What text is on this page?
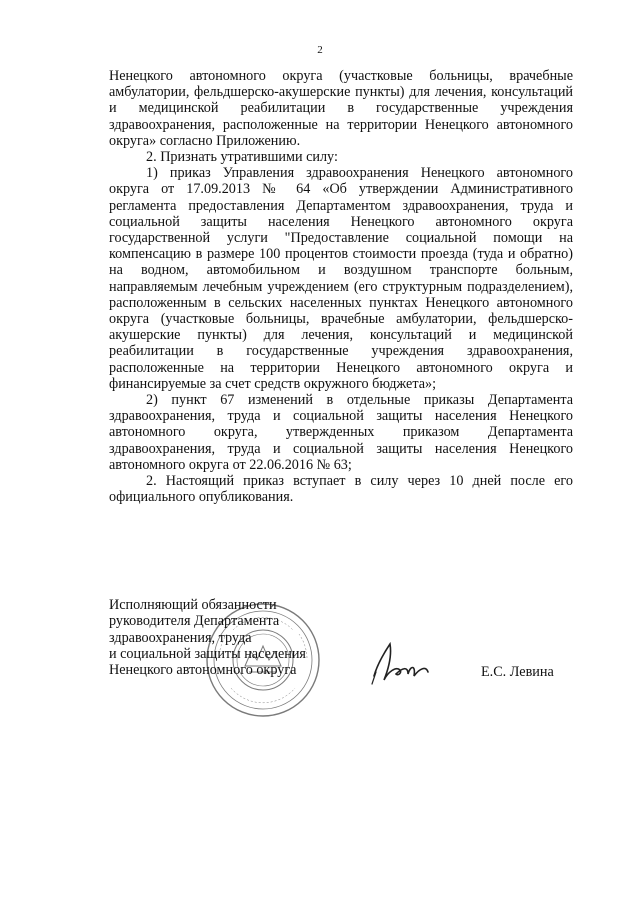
2

Ненецкого автономного округа (участковые больницы, врачебные амбулатории, фельдшерско-акушерские пункты) для лечения, консультаций и медицинской реабилитации в государственные учреждения здравоохранения, расположенные на территории Ненецкого автономного округа» согласно Приложению.

2. Признать утратившими силу:

1) приказ Управления здравоохранения Ненецкого автономного округа от 17.09.2013 № 64 «Об утверждении Административного регламента предоставления Департаментом здравоохранения, труда и социальной защиты населения Ненецкого автономного округа государственной услуги "Предоставление социальной помощи на компенсацию в размере 100 процентов стоимости проезда (туда и обратно) на водном, автомобильном и воздушном транспорте больным, направляемым лечебным учреждением (его структурным подразделением), расположенным в сельских населенных пунктах Ненецкого автономного округа (участковые больницы, врачебные амбулатории, фельдшерско-акушерские пункты) для лечения, консультаций и медицинской реабилитации в государственные учреждения здравоохранения, расположенные на территории Ненецкого автономного округа и финансируемые за счет средств окружного бюджета»;

2) пункт 67 изменений в отдельные приказы Департамента здравоохранения, труда и социальной защиты населения Ненецкого автономного округа, утвержденных приказом Департамента здравоохранения, труда и социальной защиты населения Ненецкого автономного округа от 22.06.2016 № 63;

2. Настоящий приказ вступает в силу через 10 дней после его официального опубликования.

Исполняющий обязанности
руководителя Департамента
здравоохранения, труда
и социальной защиты населения
Ненецкого автономного округа	Е.С. Левина
